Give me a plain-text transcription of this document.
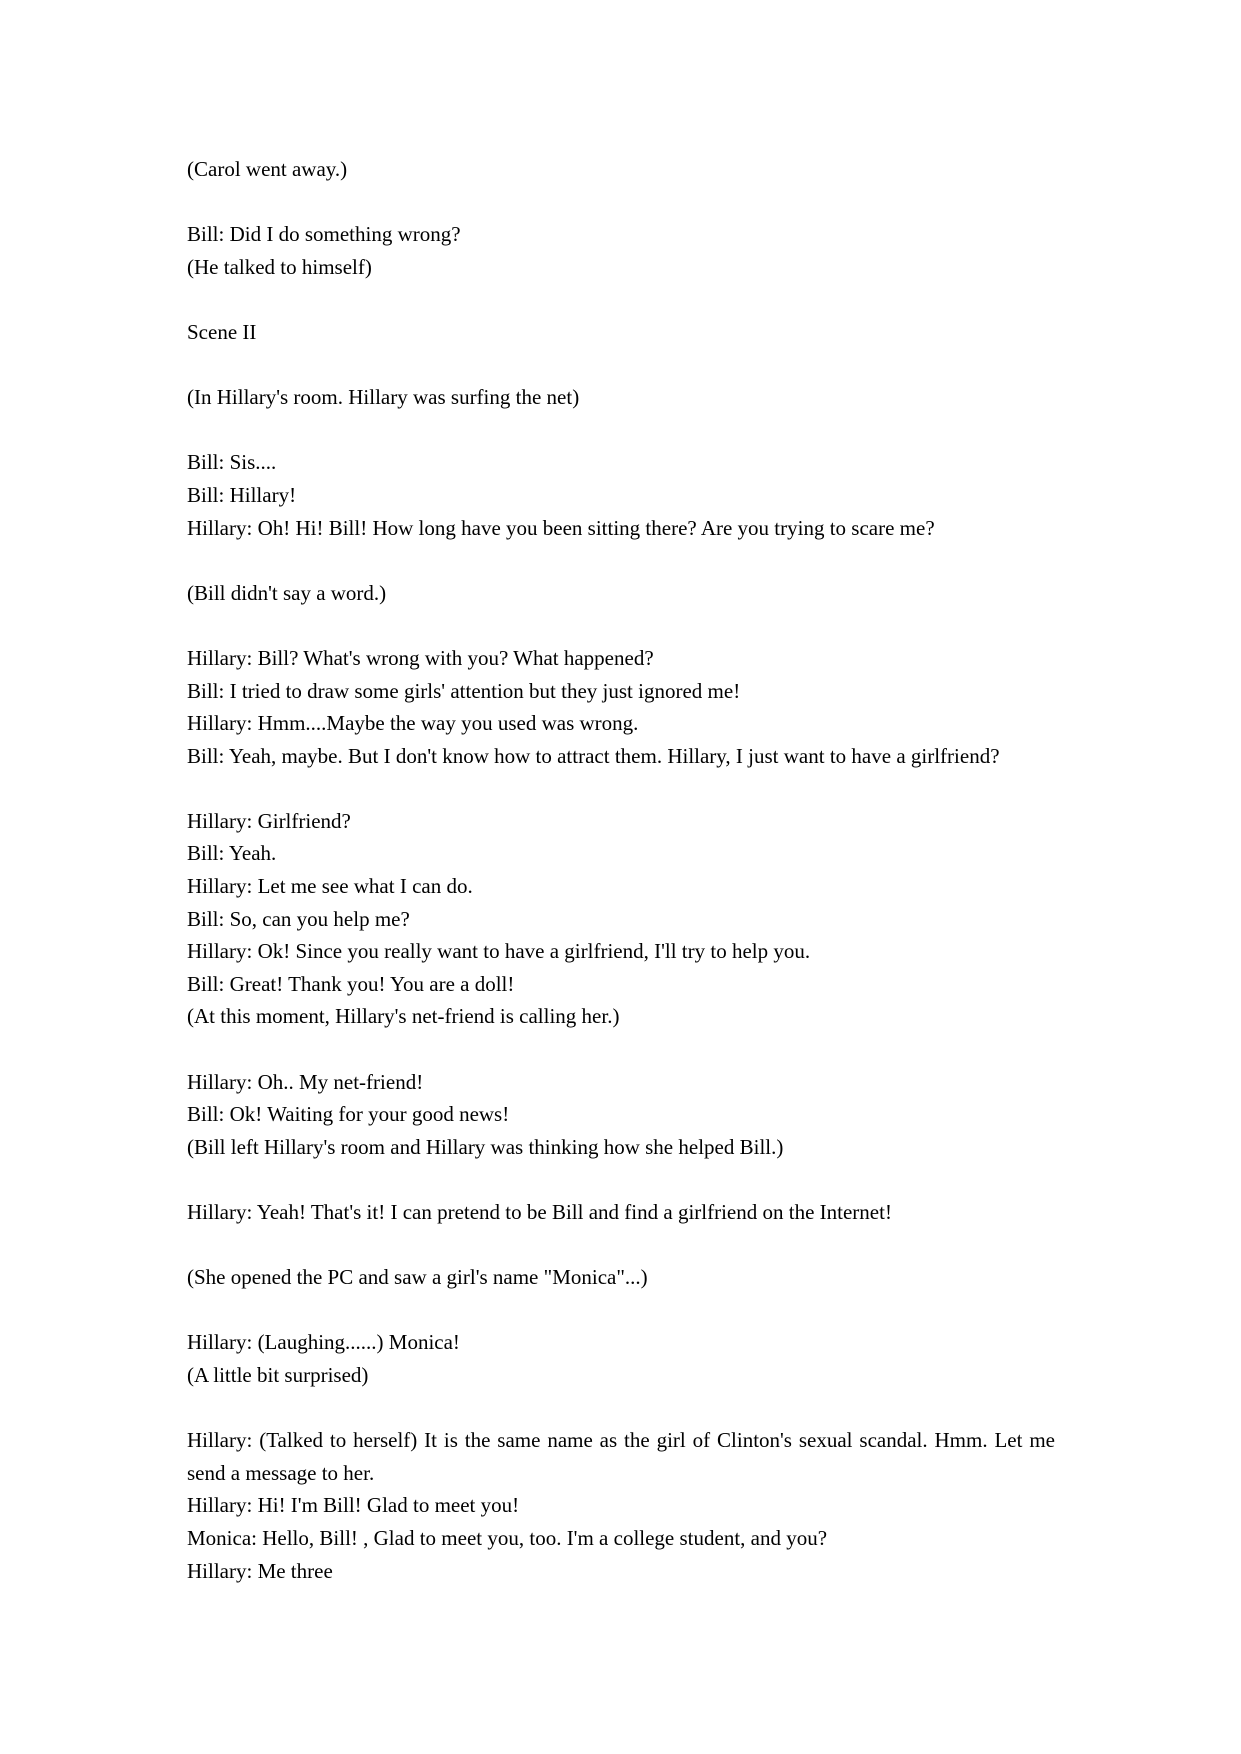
(Carol went away.)

Bill: Did I do something wrong?

(He talked to himself)

Scene II

(In Hillary's room. Hillary was surfing the net)

Bill: Sis....

Bill: Hillary!

Hillary: Oh! Hi! Bill! How long have you been sitting there? Are you trying to scare me?

(Bill didn't say a word.)

Hillary: Bill? What's wrong with you? What happened?

Bill: I tried to draw some girls' attention but they just ignored me!

Hillary: Hmm....Maybe the way you used was wrong.

Bill: Yeah, maybe. But I don't know how to attract them. Hillary, I just want to have a girlfriend?

Hillary: Girlfriend?

Bill: Yeah.

Hillary: Let me see what I can do.

Bill: So, can you help me?

Hillary: Ok! Since you really want to have a girlfriend, I'll try to help you.

Bill: Great! Thank you! You are a doll!

(At this moment, Hillary's net-friend is calling her.)

Hillary: Oh.. My net-friend!

Bill: Ok! Waiting for your good news!

(Bill left Hillary's room and Hillary was thinking how she helped Bill.)

Hillary: Yeah! That's it! I can pretend to be Bill and find a girlfriend on the Internet!

(She opened the PC and saw a girl's name "Monica"...)

Hillary: (Laughing......) Monica!

(A little bit surprised)

Hillary: (Talked to herself) It is the same name as the girl of Clinton's sexual scandal. Hmm. Let me send a message to her.

Hillary: Hi! I'm Bill! Glad to meet you!

Monica: Hello, Bill! , Glad to meet you, too. I'm a college student, and you?

Hillary: Me three
